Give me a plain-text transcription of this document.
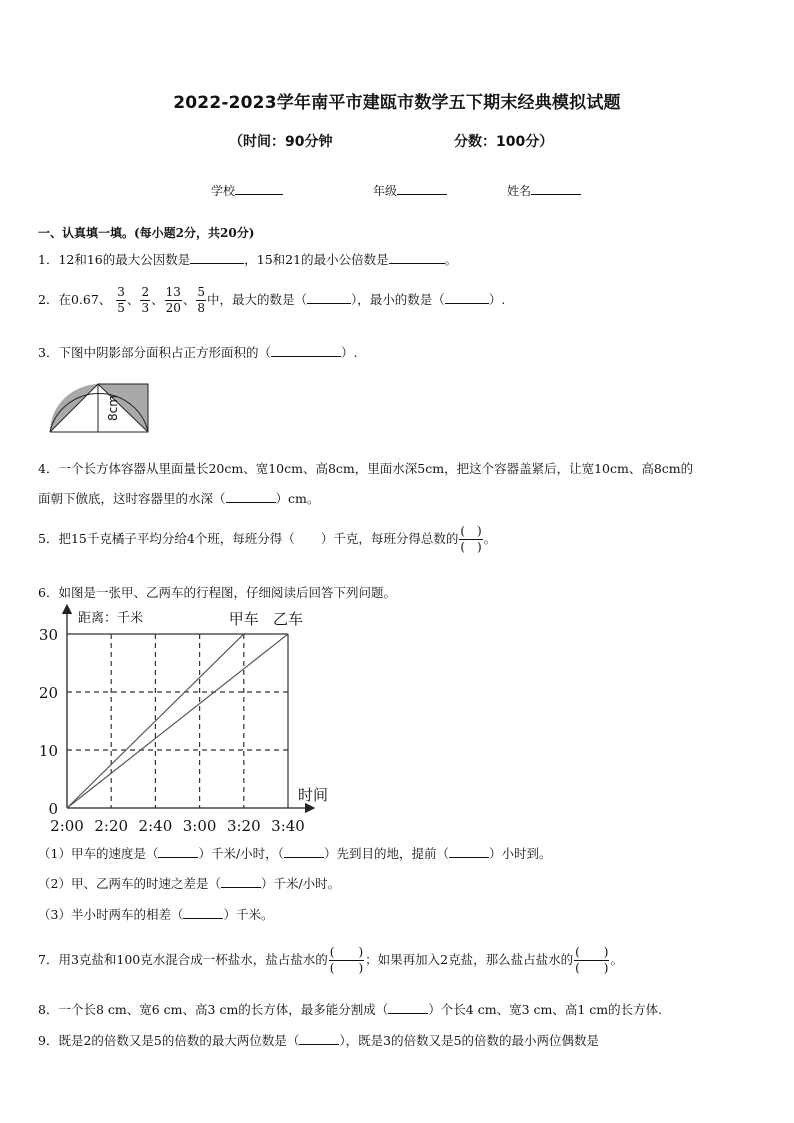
2022-2023学年南平市建瓯市数学五下期末经典模拟试题
（时间：90分钟	分数：100分）
学校	年级	姓名
一、认真填一填。(每小题2分，共20分)
1．12和16的最大公因数是	，15和21的最小公倍数是	。
2．在0.67、 $\frac{3}{5}$ 、 $\frac{2}{3}$ 、 $\frac{13}{20}$ 、 $\frac{5}{8}$ 中，最大的数是（	），最小的数是（	）.
3．下图中阴影部分面积占正方形面积的（	）.
8cm
4．一个长方体容器从里面量长20cm、宽10cm、高8cm，里面水深5cm，把这个容器盖紧后，让宽10cm、高8cm的
面朝下倣底，这时容器里的水深（	）cm。
5．把15千克橘子平均分给4个班，每班分得（ ）千克，每班分得总数的 $\frac{( )}{( )}$ 。
6．如图是一张甲、乙两车的行程图，仔细阅读后回答下列问题。
甲车 乙车
2:00 2:20 2:40 3:00 3:20 3:40
0
10
20
30
距离：千米
时间
（1）甲车的速度是（	）千米/小时，（	）先到目的地，提前（	）小时到。
（2）甲、乙两车的时速之差是（	）千米/小时。
（3）半小时两车的相差（	）千米。
7．用3克盐和100克水混合成一杯盐水，盐占盐水的 $\frac{( )}{( )}$ ；如果再加入2克盐，那么盐占盐水的 $\frac{( )}{( )}$ 。
8．一个长8 cm、宽6 cm、高3 cm的长方体，最多能分割成（	）个长4 cm、宽3 cm、高1 cm的长方体.
9．既是2的倍数又是5的倍数的最大两位数是（	），既是3的倍数又是5的倍数的最小两位偶数是
